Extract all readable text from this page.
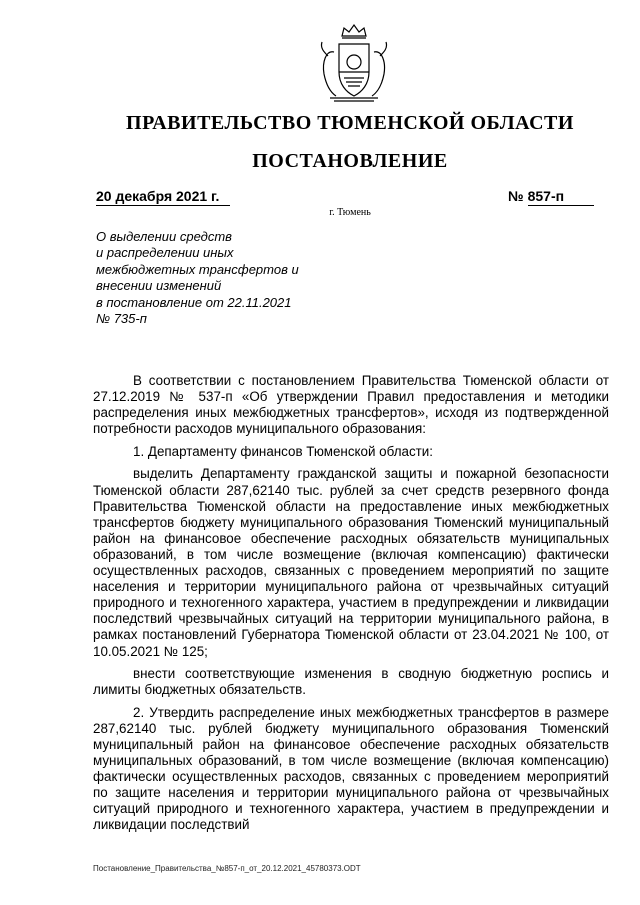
ПРАВИТЕЛЬСТВО ТЮМЕНСКОЙ ОБЛАСТИ
ПОСТАНОВЛЕНИЕ
20 декабря 2021 г.	№ 857-п
г. Тюмень

О выделении средств
и распределении иных
межбюджетных трансфертов и
внесении изменений
в постановление от 22.11.2021
№ 735-п

В соответствии с постановлением Правительства Тюменской области от 27.12.2019 № 537-п «Об утверждении Правил предоставления и методики распределения иных межбюджетных трансфертов», исходя из подтвержденной потребности расходов муниципального образования:

1. Департаменту финансов Тюменской области:

выделить Департаменту гражданской защиты и пожарной безопасности Тюменской области 287,62140 тыс. рублей за счет средств резервного фонда Правительства Тюменской области на предоставление иных межбюджетных трансфертов бюджету муниципального образования Тюменский муниципальный район на финансовое обеспечение расходных обязательств муниципальных образований, в том числе возмещение (включая компенсацию) фактически осуществленных расходов, связанных с проведением мероприятий по защите населения и территории муниципального района от чрезвычайных ситуаций природного и техногенного характера, участием в предупреждении и ликвидации последствий чрезвычайных ситуаций на территории муниципального района, в рамках постановлений Губернатора Тюменской области от 23.04.2021 № 100, от 10.05.2021 № 125;

внести соответствующие изменения в сводную бюджетную роспись и лимиты бюджетных обязательств.

2. Утвердить распределение иных межбюджетных трансфертов в размере 287,62140 тыс. рублей бюджету муниципального образования Тюменский муниципальный район на финансовое обеспечение расходных обязательств муниципальных образований, в том числе возмещение (включая компенсацию) фактически осуществленных расходов, связанных с проведением мероприятий по защите населения и территории муниципального района от чрезвычайных ситуаций природного и техногенного характера, участием в предупреждении и ликвидации последствий

Постановление_Правительства_№857-п_от_20.12.2021_45780373.ODT
